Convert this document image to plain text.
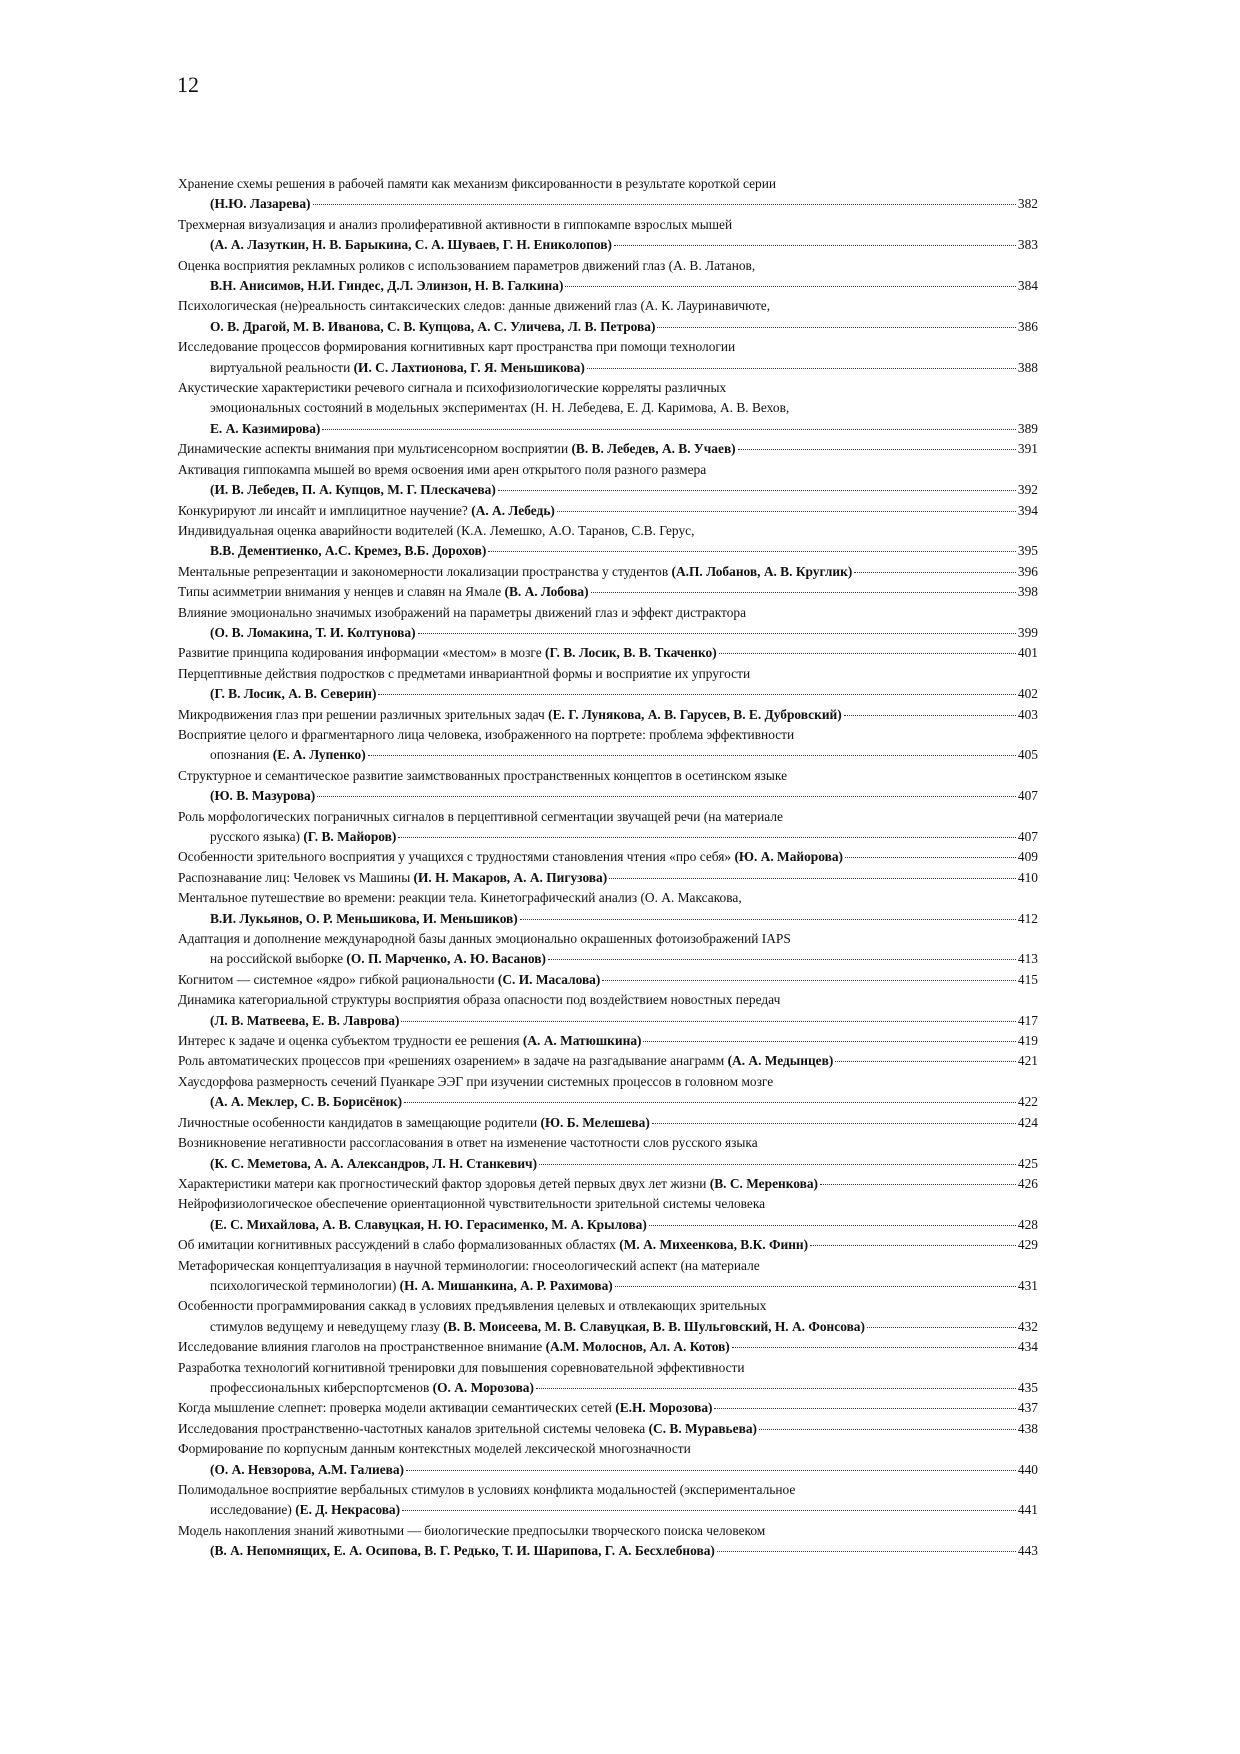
12
Хранение схемы решения в рабочей памяти как механизм фиксированности в результате короткой серии
(Н.Ю. Лазарева)	382
Трехмерная визуализация и анализ пролиферативной активности в гиппокампе взрослых мышей
(А. А. Лазуткин, Н. В. Барыкина, С. А. Шуваев, Г. Н. Ениколопов)	383
Оценка восприятия рекламных роликов с использованием параметров движений глаз (А. В. Латанов,
В.Н. Анисимов, Н.И. Гиндес, Д.Л. Элинзон, Н. В. Галкина)	384
Психологическая (не)реальность синтаксических следов: данные движений глаз (А. К. Лауринавичюте,
О. В. Драгой, М. В. Иванова, С. В. Купцова, А. С. Уличева, Л. В. Петрова)	386
Исследование процессов формирования когнитивных карт пространства при помощи технологии
виртуальной реальности (И. С. Лахтионова, Г. Я. Меньшикова)	388
Акустические характеристики речевого сигнала и психофизиологические корреляты различных
эмоциональных состояний в модельных экспериментах (Н. Н. Лебедева, Е. Д. Каримова, А. В. Вехов,
Е. А. Казимирова)	389
Динамические аспекты внимания при мультисенсорном восприятии (В. В. Лебедев, А. В. Учаев)	391
Активация гиппокампа мышей во время освоения ими арен открытого поля разного размера
(И. В. Лебедев, П. А. Купцов, М. Г. Плескачева)	392
Конкурируют ли инсайт и имплицитное научение? (А. А. Лебедь)	394
Индивидуальная оценка аварийности водителей (К.А. Лемешко, А.О. Таранов, С.В. Герус,
В.В. Дементиенко, А.С. Кремез, В.Б. Дорохов)	395
Ментальные репрезентации и закономерности локализации пространства у студентов (А.П. Лобанов, А. В. Круглик)	396
Типы асимметрии внимания у ненцев и славян на Ямале (В. А. Лобова)	398
Влияние эмоционально значимых изображений на параметры движений глаз и эффект дистрактора
(О. В. Ломакина, Т. И. Колтунова)	399
Развитие принципа кодирования информации «местом» в мозге (Г. В. Лосик, В. В. Ткаченко)	401
Перцептивные действия подростков с предметами инвариантной формы и восприятие их упругости
(Г. В. Лосик, А. В. Северин)	402
Микродвижения глаз при решении различных зрительных задач (Е. Г. Лунякова, А. В. Гарусев, В. Е. Дубровский)	403
Восприятие целого и фрагментарного лица человека, изображенного на портрете: проблема эффективности
опознания (Е. А. Лупенко)	405
Структурное и семантическое развитие заимствованных пространственных концептов в осетинском языке
(Ю. В. Мазурова)	407
Роль морфологических пограничных сигналов в перцептивной сегментации звучащей речи (на материале
русского языка) (Г. В. Майоров)	407
Особенности зрительного восприятия у учащихся с трудностями становления чтения «про себя» (Ю. А. Майорова)	409
Распознавание лиц: Человек vs Машины (И. Н. Макаров, А. А. Пигузова)	410
Ментальное путешествие во времени: реакции тела. Кинетографический анализ (О. А. Максакова,
В.И. Лукьянов, О. Р. Меньшикова, И. Меньшиков)	412
Адаптация и дополнение международной базы данных эмоционально окрашенных фотоизображений IAPS
на российской выборке (О. П. Марченко, А. Ю. Васанов)	413
Когнитом — системное «ядро» гибкой рациональности (С. И. Масалова)	415
Динамика категориальной структуры восприятия образа опасности под воздействием новостных передач
(Л. В. Матвеева, Е. В. Лаврова)	417
Интерес к задаче и оценка субъектом трудности ее решения (А. А. Матюшкина)	419
Роль автоматических процессов при «решениях озарением» в задаче на разгадывание анаграмм (А. А. Медынцев)	421
Хаусдорфова размерность сечений Пуанкаре ЭЭГ при изучении системных процессов в головном мозге
(А. А. Меклер, С. В. Борисёнок)	422
Личностные особенности кандидатов в замещающие родители (Ю. Б. Мелешева)	424
Возникновение негативности рассогласования в ответ на изменение частотности слов русского языка
(К. С. Меметова, А. А. Александров, Л. Н. Станкевич)	425
Характеристики матери как прогностический фактор здоровья детей первых двух лет жизни (В. С. Меренкова)	426
Нейрофизиологическое обеспечение ориентационной чувствительности зрительной системы человека
(Е. С. Михайлова, А. В. Славуцкая, Н. Ю. Герасименко, М. А. Крылова)	428
Об имитации когнитивных рассуждений в слабо формализованных областях (М. А. Михеенкова, В.К. Финн)	429
Метафорическая концептуализация в научной терминологии: гносеологический аспект (на материале
психологической терминологии) (Н. А. Мишанкина, А. Р. Рахимова)	431
Особенности программирования саккад в условиях предъявления целевых и отвлекающих зрительных
стимулов ведущему и неведущему глазу (В. В. Моисеева, М. В. Славуцкая, В. В. Шульговский, Н. А. Фонсова)	432
Исследование влияния глаголов на пространственное внимание (А.М. Молоснов, Ал. А. Котов)	434
Разработка технологий когнитивной тренировки для повышения соревновательной эффективности
профессиональных киберспортсменов (О. А. Морозова)	435
Когда мышление слепнет: проверка модели активации семантических сетей (Е.Н. Морозова)	437
Исследования пространственно-частотных каналов зрительной системы человека (С. В. Муравьева)	438
Формирование по корпусным данным контекстных моделей лексической многозначности
(О. А. Невзорова, А.М. Галиева)	440
Полимодальное восприятие вербальных стимулов в условиях конфликта модальностей (экспериментальное
исследование) (Е. Д. Некрасова)	441
Модель накопления знаний животными — биологические предпосылки творческого поиска человеком
(В. А. Непомнящих, Е. А. Осипова, В. Г. Редько, Т. И. Шарипова, Г. А. Бесхлебнова)	443
